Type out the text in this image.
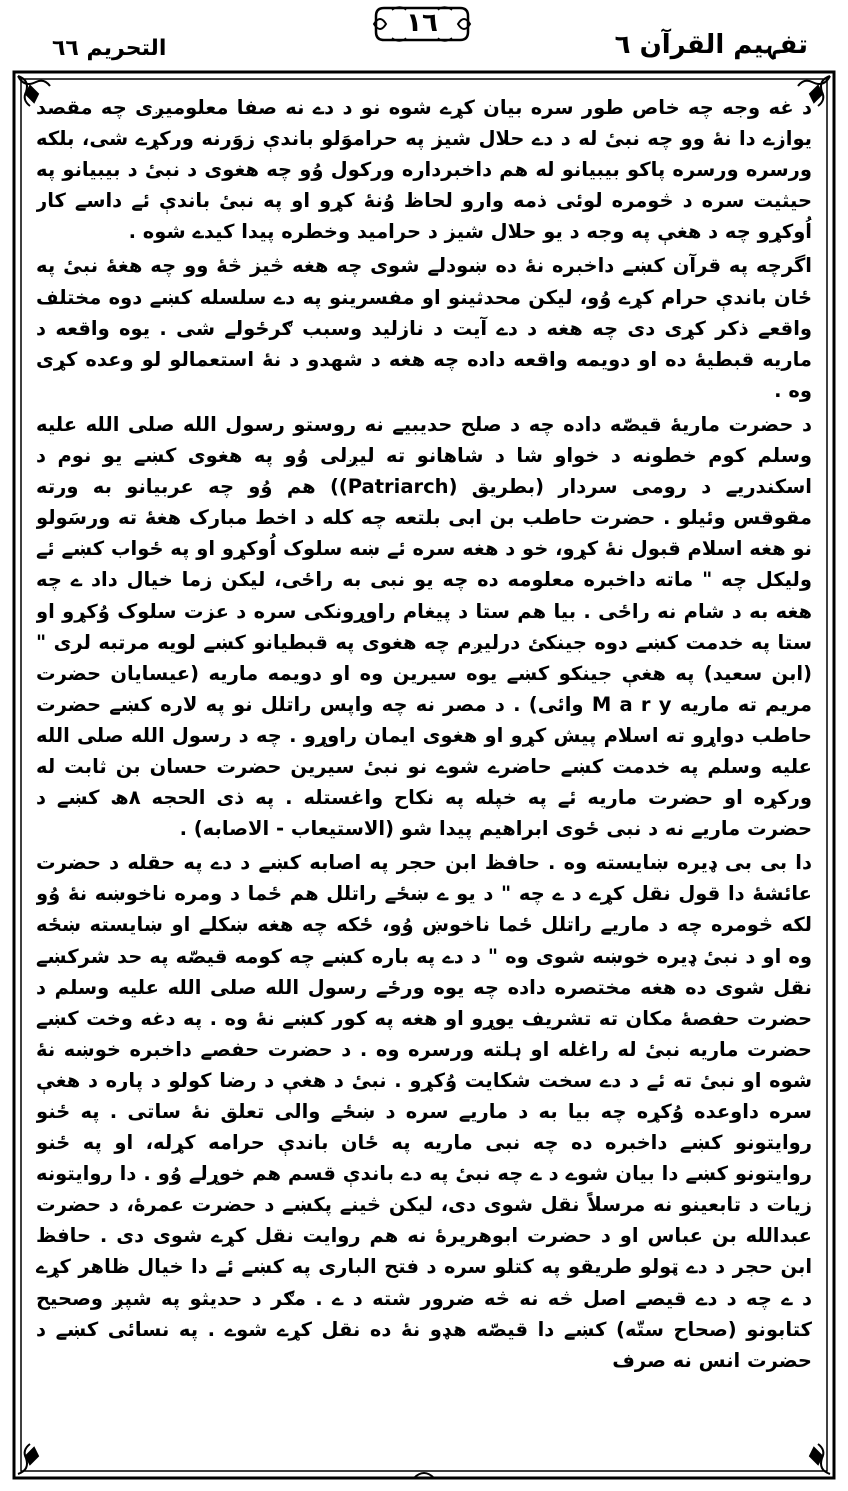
التحریم ٦٦
١٦
تفہیم القرآن ٦

د غه وجه چه خاص طور سره بیان کړے شوه نو د دے نه صفا معلومیږی چه مقصد یوازے دا نهٔ وو چه نبیٔ له د دے حلال شیز په حراموَلو باندې زوَرنه ورکړے شی، بلکه ورسره ورسره پاکو بیبیانو له هم داخبرداره ورکول وُو چه هغوی د نبیٔ د بیبیانو په حیثیت سره د څومره لوئی ذمه وارو لحاظ وُنهٔ کړو او په نبیٔ باندې ئے داسے کار اُوکړو چه د هغې په وجه د یو حلال شیز د حرامید وخطره پیدا کیدے شوه .

اگرچه په قرآن کښے داخبره نهٔ ده ښودلے شوی چه هغه څیز څهٔ وو چه هغهٔ نبیٔ په ځان باندې حرام کړے وُو، لیکن محدثینو او مفسرینو په دے سلسله کښے دوه مختلف واقعے ذکر کړی دی چه هغه د دے آیت د نازلید وسبب ګرځولے شی . یوه واقعه د ماریه قبطیهٔ ده او دویمه واقعه داده چه هغه د شهدو د نهٔ استعمالو لو وعده کړی وه .

د حضرت ماریهٔ قیصّه داده چه د صلح حدیبیے نه روستو رسول الله صلی الله علیه وسلم کوم خطونه د خواو شا د شاهانو ته لیږلی وُو په هغوی کښے یو نوم د اسکندریے د رومی سردار (بطریق (Patriarch)) هم وُو چه عربیانو به ورته مقوقس وئیلو . حضرت حاطب بن ابی بلتعه چه کله د اخط مبارک هغهٔ ته ورسَولو نو هغه اسلام قبول نهٔ کړو، خو د هغه سره ئے ښه سلوک اُوکړو او په ځواب کښے ئے ولیکل چه " ماته داخبره معلومه ده چه یو نبی به راځی، لیکن زما خیال داد ے چه هغه به د شام نه راځی . بیا هم ستا د پیغام راوړونکی سره د عزت سلوک وُکړو او ستا په خدمت کښے دوه جینکئ درلیږم چه هغوی په قبطیانو کښے لویه مرتبه لری " (ابن سعید) په هغې جینکو کښے یوه سیرین وه او دویمه ماریه (عیسایان حضرت مریم ته ماریه M a r y وائی) . د مصر نه چه واپس راتلل نو په لاره کښے حضرت حاطب دواړو ته اسلام پیش کړو او هغوی ایمان راوړو . چه د رسول الله صلی الله علیه وسلم په خدمت کښے حاضرے شوے نو نبیٔ سیرین حضرت حسان بن ثابت له ورکړه او حضرت ماریه ئے په خپله په نکاح واغستله . په ذی الحجه ٨ھ کښے د حضرت ماریے نه د نبی ځوی ابراهیم پیدا شو (الاستیعاب - الاصابه) .

دا بی بی ډیره ښایسته وه . حافظ ابن حجر په اصابه کښے د دے په حقله د حضرت عائشهٔ دا قول نقل کړے د ے چه " د یو ے ښځے راتلل هم ځما د ومره ناخوښه نهٔ وُو لکه څومره چه د ماریے راتلل ځما ناخوښ وُو، ځکه چه هغه ښکلے او ښایسته ښځه وه او د نبیٔ ډیره خوښه شوی وه " د دے په باره کښے چه کومه قیصّه په حد شرکښے نقل شوی ده هغه مختصره داده چه یوه ورځے رسول الله صلی الله علیه وسلم د حضرت حفصهٔ مکان ته تشریف یوړو او هغه په کور کښے نهٔ وه . په دغه وخت کښے حضرت ماریه نبیٔ له راغله او ہلته ورسره وه . د حضرت حفصے داخبره خوښه نهٔ شوه او نبیٔ ته ئے د دے سخت شکایت وُکړو . نبیٔ د هغې د رضا کولو د پاره د هغې سره داوعده وُکړه چه بیا به د ماریے سره د ښځے والی تعلق نهٔ ساتی . په ځنو روایتونو کښے داخبره ده چه نبی ماریه په ځان باندې حرامه کړله، او په ځنو روایتونو کښے دا بیان شوے د ے چه نبیٔ په دے باندې قسم هم خوړلے وُو . دا روایتونه زیات د تابعینو نه مرسلاً نقل شوی دی، لیکن څینے پکښے د حضرت عمرهٔ، د حضرت عبدالله بن عباس او د حضرت ابوهریرهٔ نه هم روایت نقل کړے شوی دی . حافظ ابن حجر د دے ټولو طریقو په کتلو سره د فتح الباری په کښے ئے دا خیال ظاهر کړے د ے چه د دے قیصے اصل څه نه څه ضرور شته د ے . مګر د حدیثو په شپږ وصحیح کتابونو (صحاح ستّه) کښے دا قیصّه هډو نهٔ ده نقل کړے شوے . په نسائی کښے د حضرت انس نه صرف
